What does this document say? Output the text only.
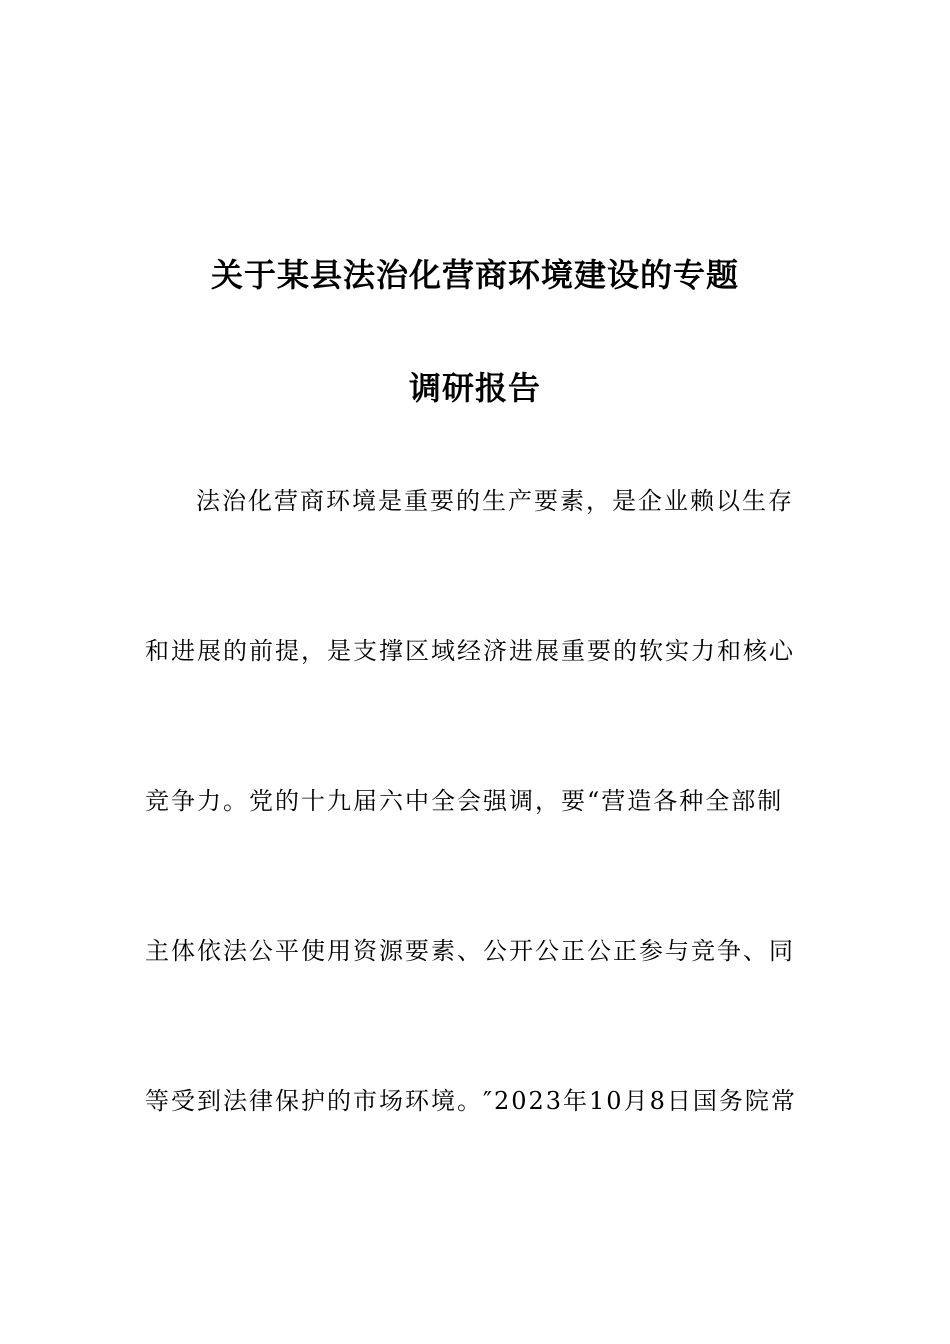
关于某县法治化营商环境建设的专题
调研报告
法治化营商环境是重要的生产要素，是企业赖以生存
和进展的前提，是支撑区域经济进展重要的软实力和核心
竞争力。党的十九届六中全会强调，要“营造各种全部制
主体依法公平使用资源要素、公开公正公正参与竞争、同
等受到法律保护的市场环境。″2023年10月8日国务院常
